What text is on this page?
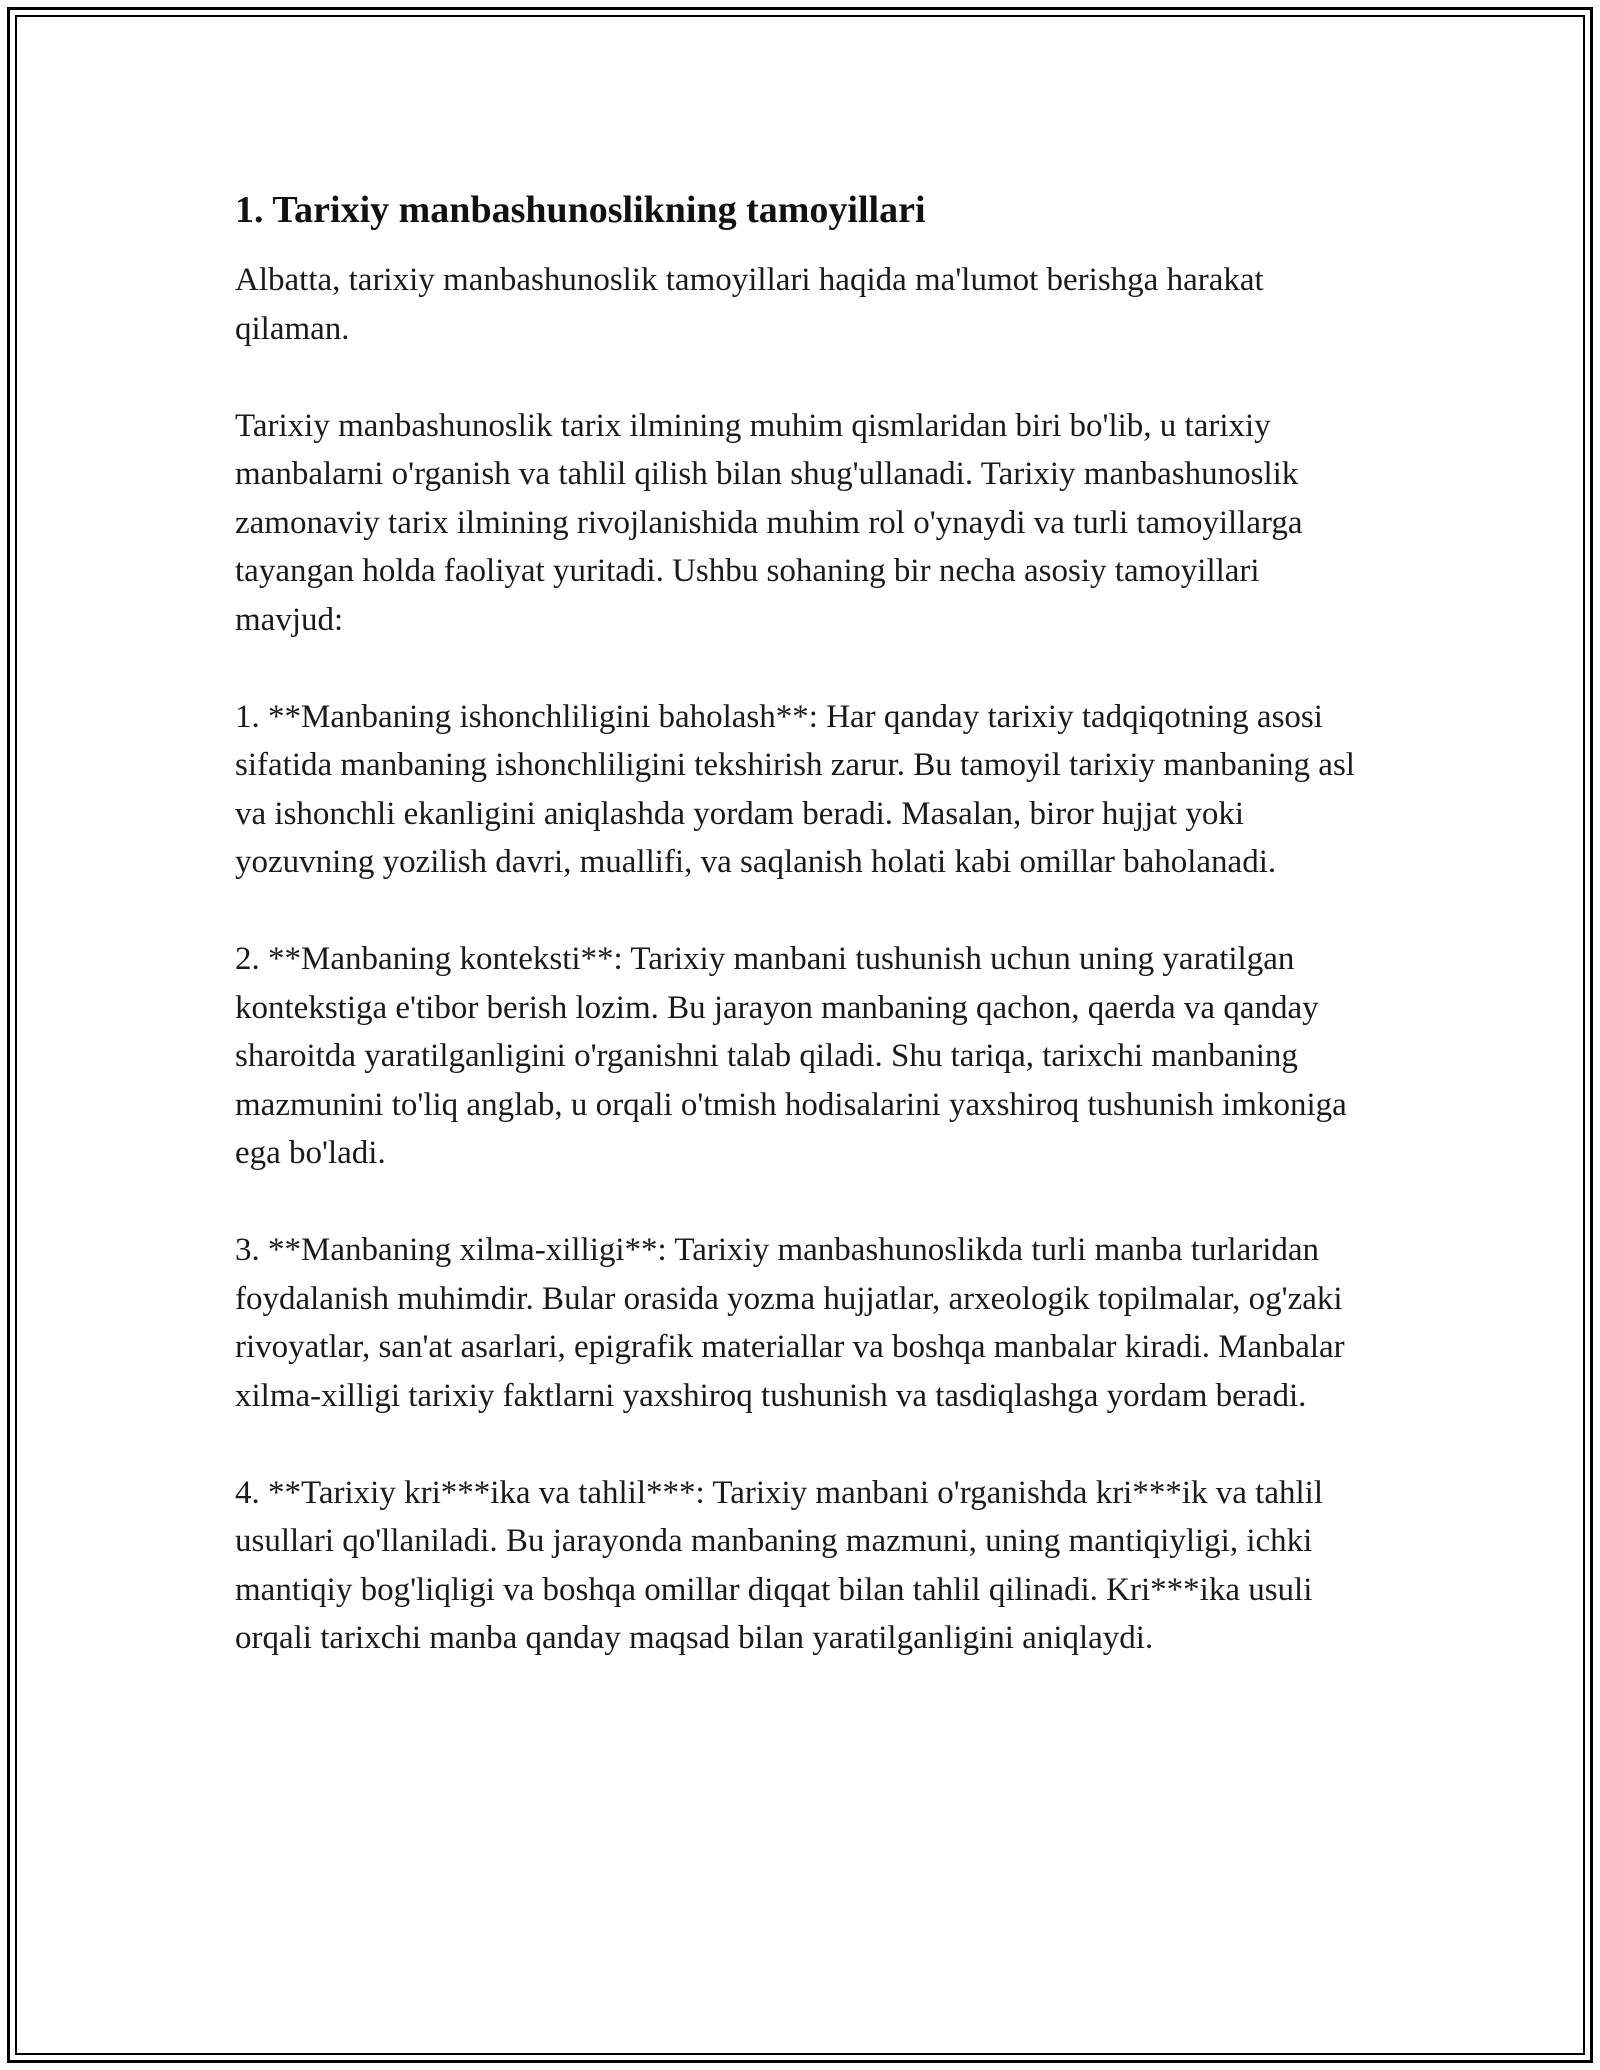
1. Tarixiy manbashunoslikning tamoyillari

Albatta, tarixiy manbashunoslik tamoyillari haqida ma'lumot berishga harakat qilaman.

Tarixiy manbashunoslik tarix ilmining muhim qismlaridan biri bo'lib, u tarixiy manbalarni o'rganish va tahlil qilish bilan shug'ullanadi. Tarixiy manbashunoslik zamonaviy tarix ilmining rivojlanishida muhim rol o'ynaydi va turli tamoyillarga tayangan holda faoliyat yuritadi. Ushbu sohaning bir necha asosiy tamoyillari mavjud:

1. **Manbaning ishonchliligini baholash**: Har qanday tarixiy tadqiqotning asosi sifatida manbaning ishonchliligini tekshirish zarur. Bu tamoyil tarixiy manbaning asl va ishonchli ekanligini aniqlashda yordam beradi. Masalan, biror hujjat yoki yozuvning yozilish davri, muallifi, va saqlanish holati kabi omillar baholanadi.

2. **Manbaning konteksti**: Tarixiy manbani tushunish uchun uning yaratilgan kontekstiga e'tibor berish lozim. Bu jarayon manbaning qachon, qaerda va qanday sharoitda yaratilganligini o'rganishni talab qiladi. Shu tariqa, tarixchi manbaning mazmunini to'liq anglab, u orqali o'tmish hodisalarini yaxshiroq tushunish imkoniga ega bo'ladi.

3. **Manbaning xilma-xilligi**: Tarixiy manbashunoslikda turli manba turlaridan foydalanish muhimdir. Bular orasida yozma hujjatlar, arxeologik topilmalar, og'zaki rivoyatlar, san'at asarlari, epigrafik materiallar va boshqa manbalar kiradi. Manbalar xilma-xilligi tarixiy faktlarni yaxshiroq tushunish va tasdiqlashga yordam beradi.

4. **Tarixiy kri***ika va tahlil***: Tarixiy manbani o'rganishda kri***ik va tahlil usullari qo'llaniladi. Bu jarayonda manbaning mazmuni, uning mantiqiyligi, ichki mantiqiy bog'liqligi va boshqa omillar diqqat bilan tahlil qilinadi. Kri***ika usuli orqali tarixchi manba qanday maqsad bilan yaratilganligini aniqlaydi.
